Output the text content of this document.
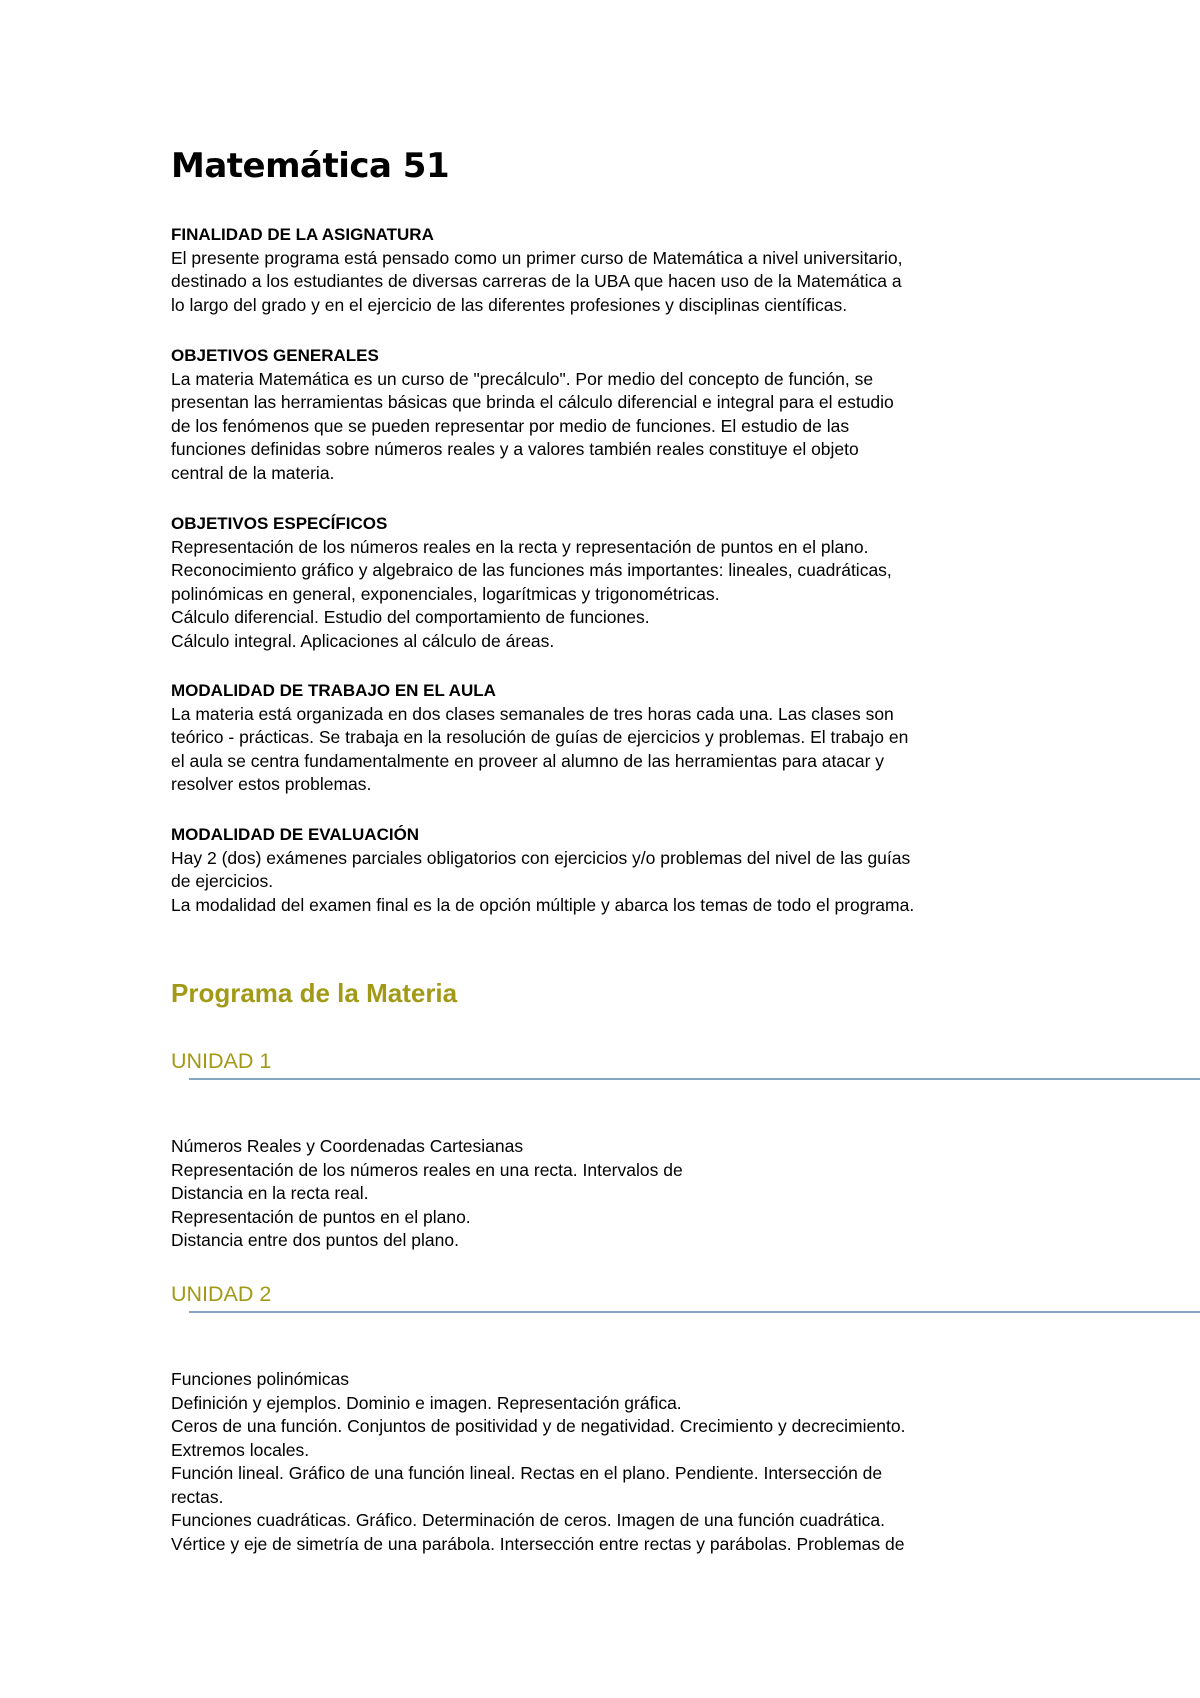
Matemática 51
FINALIDAD DE LA ASIGNATURA
El presente programa está pensado como un primer curso de Matemática a nivel universitario,
destinado a los estudiantes de diversas carreras de la UBA que hacen uso de la Matemática a
lo largo del grado y en el ejercicio de las diferentes profesiones y disciplinas científicas.
OBJETIVOS GENERALES
La materia Matemática es un curso de "precálculo". Por medio del concepto de función, se
presentan las herramientas básicas que brinda el cálculo diferencial e integral para el estudio
de los fenómenos que se pueden representar por medio de funciones. El estudio de las
funciones definidas sobre números reales y a valores también reales constituye el objeto
central de la materia.
OBJETIVOS ESPECÍFICOS
Representación de los números reales en la recta y representación de puntos en el plano.
Reconocimiento gráfico y algebraico de las funciones más importantes: lineales, cuadráticas,
polinómicas en general, exponenciales, logarítmicas y trigonométricas.
Cálculo diferencial. Estudio del comportamiento de funciones.
Cálculo integral. Aplicaciones al cálculo de áreas.
MODALIDAD DE TRABAJO EN EL AULA
La materia está organizada en dos clases semanales de tres horas cada una. Las clases son
teórico - prácticas. Se trabaja en la resolución de guías de ejercicios y problemas. El trabajo en
el aula se centra fundamentalmente en proveer al alumno de las herramientas para atacar y
resolver estos problemas.
MODALIDAD DE EVALUACIÓN
Hay 2 (dos) exámenes parciales obligatorios con ejercicios y/o problemas del nivel de las guías
de ejercicios.
La modalidad del examen final es la de opción múltiple y abarca los temas de todo el programa.
Programa de la Materia
UNIDAD 1
Números Reales y Coordenadas Cartesianas
Representación de los números reales en una recta. Intervalos de
Distancia en la recta real.
Representación de puntos en el plano.
Distancia entre dos puntos del plano.
UNIDAD 2
Funciones polinómicas
Definición y ejemplos. Dominio e imagen. Representación gráfica.
Ceros de una función. Conjuntos de positividad y de negatividad. Crecimiento y decrecimiento.
Extremos locales.
Función lineal. Gráfico de una función lineal. Rectas en el plano. Pendiente. Intersección de
rectas.
Funciones cuadráticas. Gráfico. Determinación de ceros. Imagen de una función cuadrática.
Vértice y eje de simetría de una parábola. Intersección entre rectas y parábolas. Problemas de
